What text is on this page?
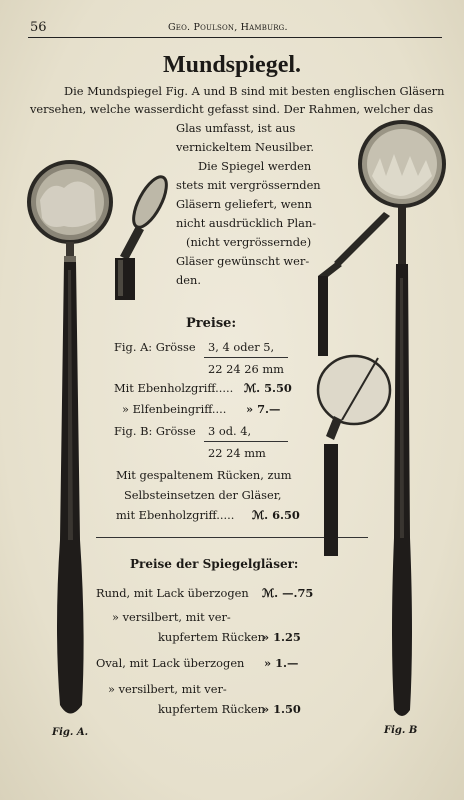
56	Geo. Poulson, Hamburg.
Mundspiegel.
Die Mundspiegel Fig. A und B sind mit besten englischen Gläsern
versehen, welche wasserdicht gefasst sind. Der Rahmen, welcher das
Glas umfasst, ist aus
vernickeltem Neusilber.
Die Spiegel werden
stets mit vergrössernden
Gläsern geliefert, wenn
nicht ausdrücklich Plan-
(nicht vergrössernde)
Gläser gewünscht wer-
den.
Preise:
Fig. A: Grösse 3, 4 oder 5,
22 24 26 mm
Mit Ebenholzgriff..... ℳ. 5.50
» Elfenbeingriff.... » 7.—
Fig. B: Grösse 3 od. 4,
22 24 mm
Mit gespaltenem Rücken, zum
Selbsteinsetzen der Gläser,
mit Ebenholzgriff..... ℳ. 6.50
Preise der Spiegelgläser:
Rund, mit Lack überzogen ℳ. —.75
» versilbert, mit ver-
kupfertem Rücken
» 1.25
Oval, mit Lack überzogen » 1.—
» versilbert, mit ver-
kupfertem Rücken
» 1.50
Fig. A.	Fig. B
